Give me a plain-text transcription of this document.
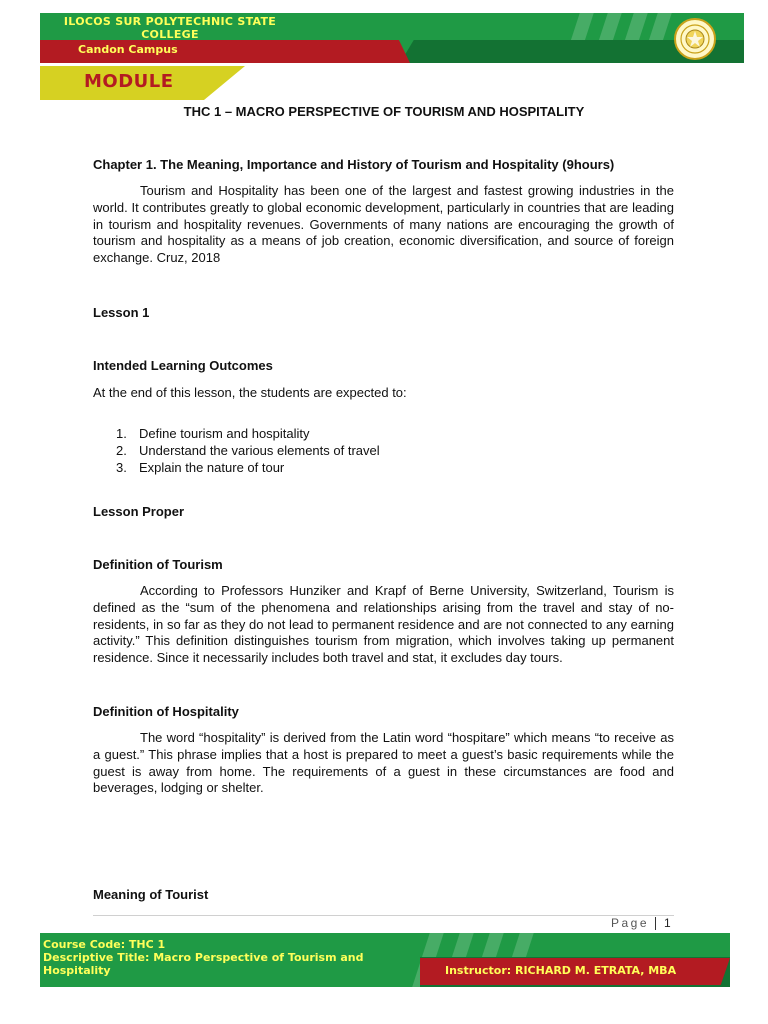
ILOCOS SUR POLYTECHNIC STATE COLLEGE
Candon Campus
MODULE
THC 1 – MACRO PERSPECTIVE OF TOURISM AND HOSPITALITY
Chapter 1. The Meaning, Importance and History of Tourism and Hospitality (9hours)
Tourism and Hospitality has been one of the largest and fastest growing industries in the world. It contributes greatly to global economic development, particularly in countries that are leading in tourism and hospitality revenues. Governments of many nations are encouraging the growth of tourism and hospitality as a means of job creation, economic diversification, and source of foreign exchange. Cruz, 2018
Lesson 1
Intended Learning Outcomes
At the end of this lesson, the students are expected to:
1. Define tourism and hospitality
2. Understand the various elements of travel
3. Explain the nature of tour
Lesson Proper
Definition of Tourism
According to Professors Hunziker and Krapf of Berne University, Switzerland, Tourism is defined as the “sum of the phenomena and relationships arising from the travel and stay of no-residents, in so far as they do not lead to permanent residence and are not connected to any earning activity.” This definition distinguishes tourism from migration, which involves taking up permanent residence. Since it necessarily includes both travel and stat, it excludes day tours.
Definition of Hospitality
The word “hospitality” is derived from the Latin word “hospitare” which means “to receive as a guest.” This phrase implies that a host is prepared to meet a guest’s basic requirements while the guest is away from home. The requirements of a guest in these circumstances are food and beverages, lodging or shelter.
Meaning of Tourist
Page 1
Course Code: THC 1
Descriptive Title: Macro Perspective of Tourism and Hospitality	Instructor: RICHARD M. ETRATA, MBA
